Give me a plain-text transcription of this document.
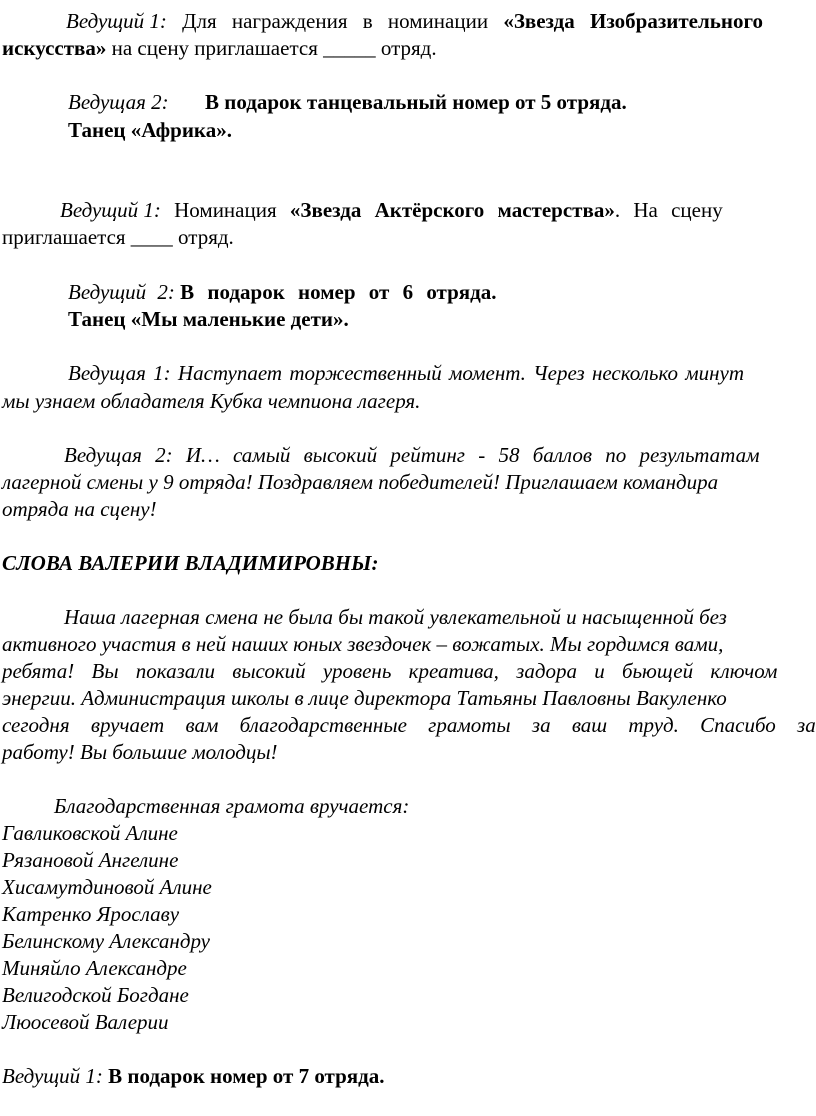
Ведущий 1: Для награждения в номинации «Звезда Изобразительного
искусства» на сцену приглашается _____ отряд.
Ведущая 2: В подарок танцевальный номер от 5 отряда.
Танец «Африка».
Ведущий 1: Номинация «Звезда Актёрского мастерства». На сцену
приглашается ____ отряд.
Ведущий 2: В подарок номер от 6 отряда.
Танец «Мы маленькие дети».
Ведущая 1: Наступает торжественный момент. Через несколько минут
мы узнаем обладателя Кубка чемпиона лагеря.
Ведущая 2: И… самый высокий рейтинг - 58 баллов по результатам
лагерной смены у 9 отряда! Поздравляем победителей! Приглашаем командира
отряда на сцену!
СЛОВА ВАЛЕРИИ ВЛАДИМИРОВНЫ:
Наша лагерная смена не была бы такой увлекательной и насыщенной без
активного участия в ней наших юных звездочек – вожатых. Мы гордимся вами,
ребята! Вы показали высокий уровень креатива, задора и бьющей ключом
энергии. Администрация школы в лице директора Татьяны Павловны Вакуленко
сегодня вручает вам благодарственные грамоты за ваш труд. Спасибо за
работу! Вы большие молодцы!
Благодарственная грамота вручается:
Гавликовской Алине
Рязановой Ангелине
Хисамутдиновой Алине
Катренко Ярославу
Белинскому Александру
Миняйло Александре
Велигодской Богдане
Люосевой Валерии
Ведущий 1: В подарок номер от 7 отряда.
